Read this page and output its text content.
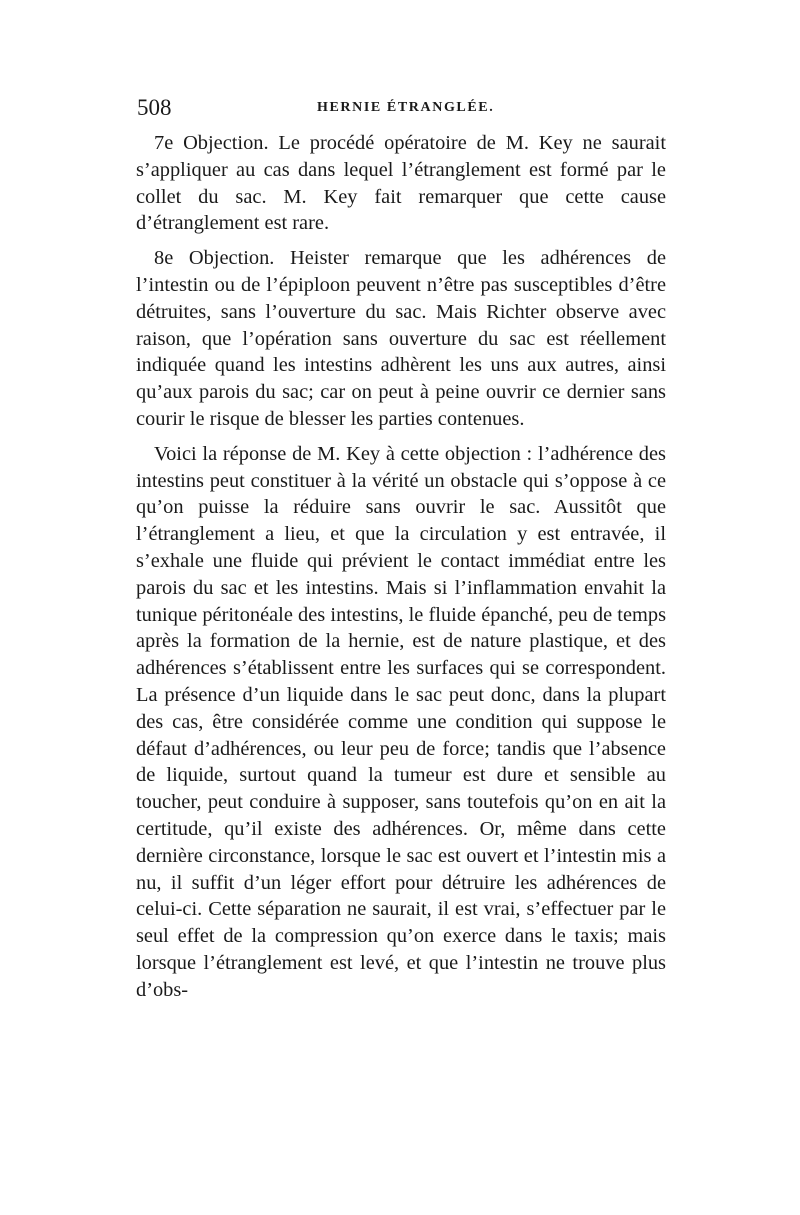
508	HERNIE ÉTRANGLÉE.

7e Objection. Le procédé opératoire de M. Key ne saurait s’appliquer au cas dans lequel l’étranglement est formé par le collet du sac. M. Key fait remarquer que cette cause d’étranglement est rare.

8e Objection. Heister remarque que les adhérences de l’intestin ou de l’épiploon peuvent n’être pas susceptibles d’être détruites, sans l’ouverture du sac. Mais Richter observe avec raison, que l’opération sans ouverture du sac est réellement indiquée quand les intestins adhèrent les uns aux autres, ainsi qu’aux parois du sac; car on peut à peine ouvrir ce dernier sans courir le risque de blesser les parties contenues.

Voici la réponse de M. Key à cette objection : l’adhérence des intestins peut constituer à la vérité un obstacle qui s’oppose à ce qu’on puisse la réduire sans ouvrir le sac. Aussitôt que l’étranglement a lieu, et que la circulation y est entravée, il s’exhale une fluide qui prévient le contact immédiat entre les parois du sac et les intestins. Mais si l’inflammation envahit la tunique péritonéale des intestins, le fluide épanché, peu de temps après la formation de la hernie, est de nature plastique, et des adhérences s’établissent entre les surfaces qui se correspondent. La présence d’un liquide dans le sac peut donc, dans la plupart des cas, être considérée comme une condition qui suppose le défaut d’adhérences, ou leur peu de force; tandis que l’absence de liquide, surtout quand la tumeur est dure et sensible au toucher, peut conduire à supposer, sans toutefois qu’on en ait la certitude, qu’il existe des adhérences. Or, même dans cette dernière circonstance, lorsque le sac est ouvert et l’intestin mis a nu, il suffit d’un léger effort pour détruire les adhérences de celui-ci. Cette séparation ne saurait, il est vrai, s’effectuer par le seul effet de la compression qu’on exerce dans le taxis; mais lorsque l’étranglement est levé, et que l’intestin ne trouve plus d’obs-
